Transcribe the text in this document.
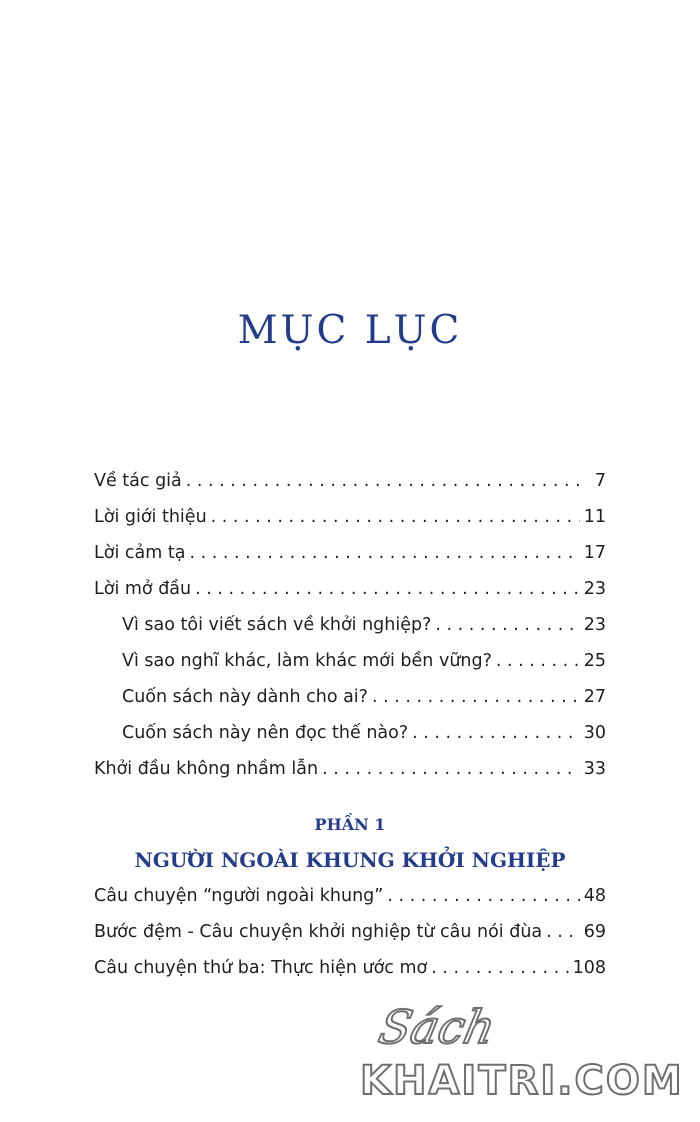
MỤC LỤC
Về tác giả . . .	7
Lời giới thiệu . . .	11
Lời cảm tạ . . .	17
Lời mở đầu . . .	23
Vì sao tôi viết sách về khởi nghiệp? . . .	23
Vì sao nghĩ khác, làm khác mới bền vững? . . .	25
Cuốn sách này dành cho ai? . . .	27
Cuốn sách này nên đọc thế nào? . . .	30
Khởi đầu không nhầm lẫn . . .	33
PHẦN 1
NGƯỜI NGOÀI KHUNG KHỞI NGHIỆP
Câu chuyện “người ngoài khung” . . .	48
Bước đệm - Câu chuyện khởi nghiệp từ câu nói đùa . . . 69
Câu chuyện thứ ba: Thực hiện ước mơ . . .	108
Sách
KHAITRI.COM
